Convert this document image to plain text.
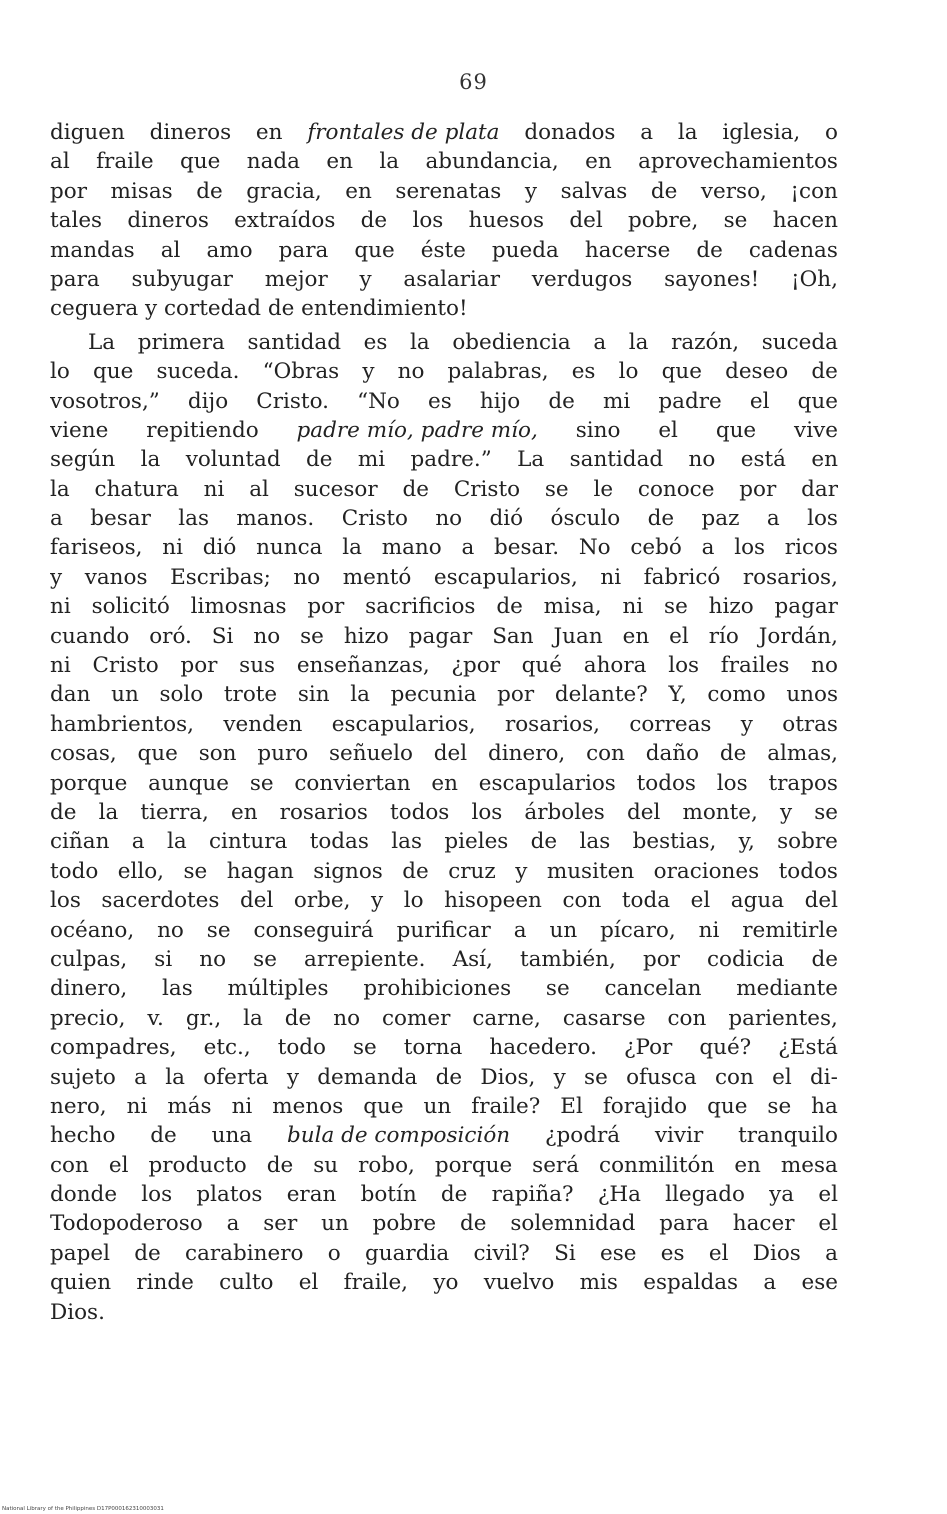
69
diguen dineros en frontales de plata donados a la iglesia, o
al fraile que nada en la abundancia, en aprovechamientos
por misas de gracia, en serenatas y salvas de verso, ¡con
tales dineros extraídos de los huesos del pobre, se hacen
mandas al amo para que éste pueda hacerse de cadenas
para subyugar mejor y asalariar verdugos sayones! ¡Oh,
ceguera y cortedad de entendimiento!
La primera santidad es la obediencia a la razón, suceda
lo que suceda. “Obras y no palabras, es lo que deseo de
vosotros,” dijo Cristo. “No es hijo de mi padre el que
viene repitiendo padre mío, padre mío, sino el que vive
según la voluntad de mi padre.” La santidad no está en
la chatura ni al sucesor de Cristo se le conoce por dar
a besar las manos. Cristo no dió ósculo de paz a los
fariseos, ni dió nunca la mano a besar. No cebó a los ricos
y vanos Escribas; no mentó escapularios, ni fabricó rosarios,
ni solicitó limosnas por sacrificios de misa, ni se hizo pagar
cuando oró. Si no se hizo pagar San Juan en el río Jordán,
ni Cristo por sus enseñanzas, ¿por qué ahora los frailes no
dan un solo trote sin la pecunia por delante? Y, como unos
hambrientos, venden escapularios, rosarios, correas y otras
cosas, que son puro señuelo del dinero, con daño de almas,
porque aunque se conviertan en escapularios todos los trapos
de la tierra, en rosarios todos los árboles del monte, y se
ciñan a la cintura todas las pieles de las bestias, y, sobre
todo ello, se hagan signos de cruz y musiten oraciones todos
los sacerdotes del orbe, y lo hisopeen con toda el agua del
océano, no se conseguirá purificar a un pícaro, ni remitirle
culpas, si no se arrepiente. Así, también, por codicia de
dinero, las múltiples prohibiciones se cancelan mediante
precio, v. gr., la de no comer carne, casarse con parientes,
compadres, etc., todo se torna hacedero. ¿Por qué? ¿Está
sujeto a la oferta y demanda de Dios, y se ofusca con el di-
nero, ni más ni menos que un fraile? El forajido que se ha
hecho de una bula de composición ¿podrá vivir tranquilo
con el producto de su robo, porque será conmilitón en mesa
donde los platos eran botín de rapiña? ¿Ha llegado ya el
Todopoderoso a ser un pobre de solemnidad para hacer el
papel de carabinero o guardia civil? Si ese es el Dios a
quien rinde culto el fraile, yo vuelvo mis espaldas a ese
Dios.
National Library of the Philippines D17P000162310003031
